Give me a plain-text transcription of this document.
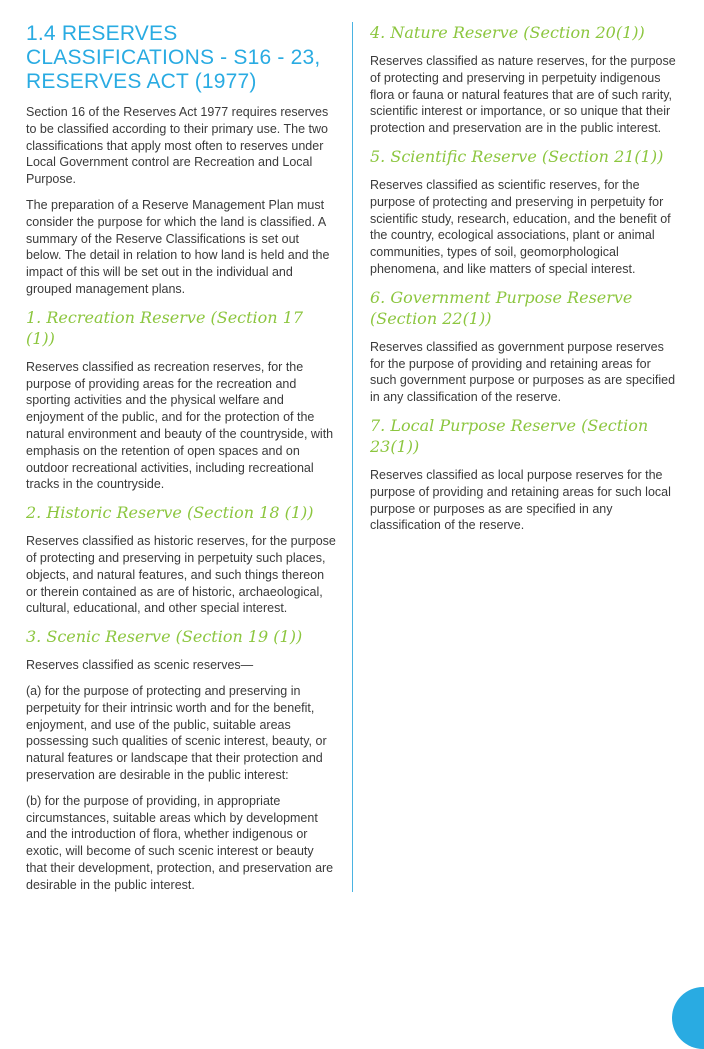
1.4 RESERVES CLASSIFICATIONS - S16 - 23, RESERVES ACT (1977)

Section 16 of the Reserves Act 1977 requires reserves to be classified according to their primary use. The two classifications that apply most often to reserves under Local Government control are Recreation and Local Purpose.

The preparation of a Reserve Management Plan must consider the purpose for which the land is classified. A summary of the Reserve Classifications is set out below. The detail in relation to how land is held and the impact of this will be set out in the individual and grouped management plans.

1. Recreation Reserve (Section 17 (1))

Reserves classified as recreation reserves, for the purpose of providing areas for the recreation and sporting activities and the physical welfare and enjoyment of the public, and for the protection of the natural environment and beauty of the countryside, with emphasis on the retention of open spaces and on outdoor recreational activities, including recreational tracks in the countryside.

2. Historic Reserve (Section 18 (1))

Reserves classified as historic reserves, for the purpose of protecting and preserving in perpetuity such places, objects, and natural features, and such things thereon or therein contained as are of historic, archaeological, cultural, educational, and other special interest.

3. Scenic Reserve (Section 19 (1))

Reserves classified as scenic reserves—

(a) for the purpose of protecting and preserving in perpetuity for their intrinsic worth and for the benefit, enjoyment, and use of the public, suitable areas possessing such qualities of scenic interest, beauty, or natural features or landscape that their protection and preservation are desirable in the public interest:

(b) for the purpose of providing, in appropriate circumstances, suitable areas which by development and the introduction of flora, whether indigenous or exotic, will become of such scenic interest or beauty that their development, protection, and preservation are desirable in the public interest.

4. Nature Reserve (Section 20(1))

Reserves classified as nature reserves, for the purpose of protecting and preserving in perpetuity indigenous flora or fauna or natural features that are of such rarity, scientific interest or importance, or so unique that their protection and preservation are in the public interest.

5. Scientific Reserve (Section 21(1))

Reserves classified as scientific reserves, for the purpose of protecting and preserving in perpetuity for scientific study, research, education, and the benefit of the country, ecological associations, plant or animal communities, types of soil, geomorphological phenomena, and like matters of special interest.

6. Government Purpose Reserve (Section 22(1))

Reserves classified as government purpose reserves for the purpose of providing and retaining areas for such government purpose or purposes as are specified in any classification of the reserve.

7. Local Purpose Reserve (Section 23(1))

Reserves classified as local purpose reserves for the purpose of providing and retaining areas for such local purpose or purposes as are specified in any classification of the reserve.
